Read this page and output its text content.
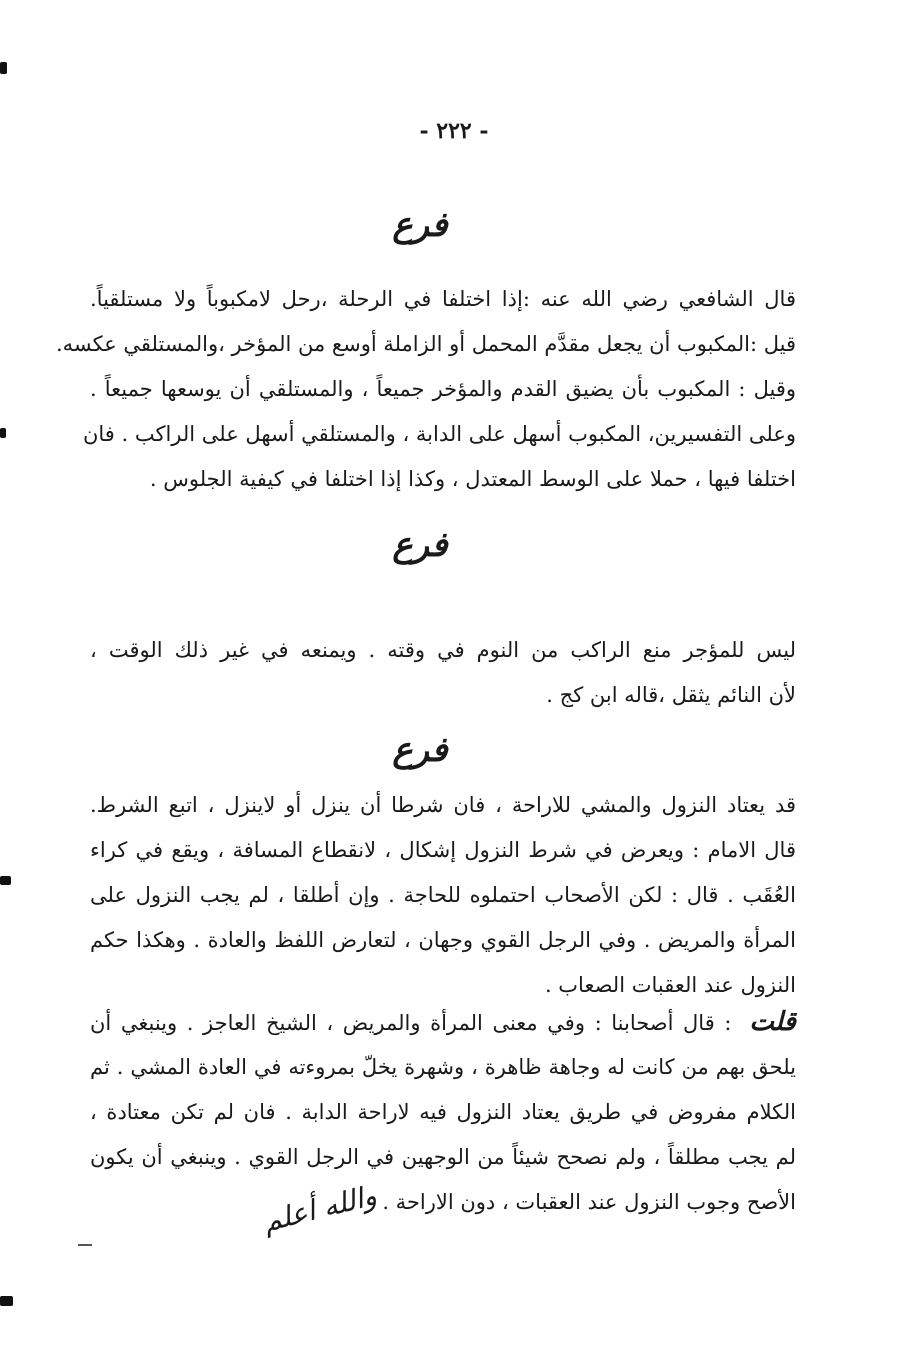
- ٢٢٢ -
فرع
قال الشافعي رضي الله عنه :إذا اختلفا في الرحلة ،رحل لامكبوباً ولا مستلقياً.
قيل :المكبوب أن يجعل مقدَّم المحمل أو الزاملة أوسع من المؤخر ،والمستلقي عكسه.
وقيل : المكبوب بأن يضيق القدم والمؤخر جميعاً ، والمستلقي أن يوسعها جميعاً .
وعلى التفسيرين، المكبوب أسهل على الدابة ، والمستلقي أسهل على الراكب . فان
اختلفا فيها ، حملا على الوسط المعتدل ، وكذا إذا اختلفا في كيفية الجلوس .
فرع
ليس للمؤجر منع الراكب من النوم في وقته . ويمنعه في غير ذلك الوقت ،
لأن النائم يثقل ،قاله ابن كج .
فرع
قد يعتاد النزول والمشي للاراحة ، فان شرطا أن ينزل أو لاينزل ، اتبع الشرط.
قال الامام : ويعرض في شرط النزول إشكال ، لانقطاع المسافة ، ويقع في كراء
العُقَب . قال : لكن الأصحاب احتملوه للحاجة . وإن أطلقا ، لم يجب النزول على
المرأة والمريض . وفي الرجل القوي وجهان ، لتعارض اللفظ والعادة . وهكذا حكم
النزول عند العقبات الصعاب .
قلت: قال أصحابنا : وفي معنى المرأة والمريض ، الشيخ العاجز . وينبغي أن
يلحق بهم من كانت له وجاهة ظاهرة ، وشهرة يخلّ بمروءته في العادة المشي . ثم
الكلام مفروض في طريق يعتاد النزول فيه لاراحة الدابة . فان لم تكن معتادة ،
لم يجب مطلقاً ، ولم نصحح شيئاً من الوجهين في الرجل القوي . وينبغي أن يكون
الأصح وجوب النزول عند العقبات ، دون الاراحة .
والله أعلم
